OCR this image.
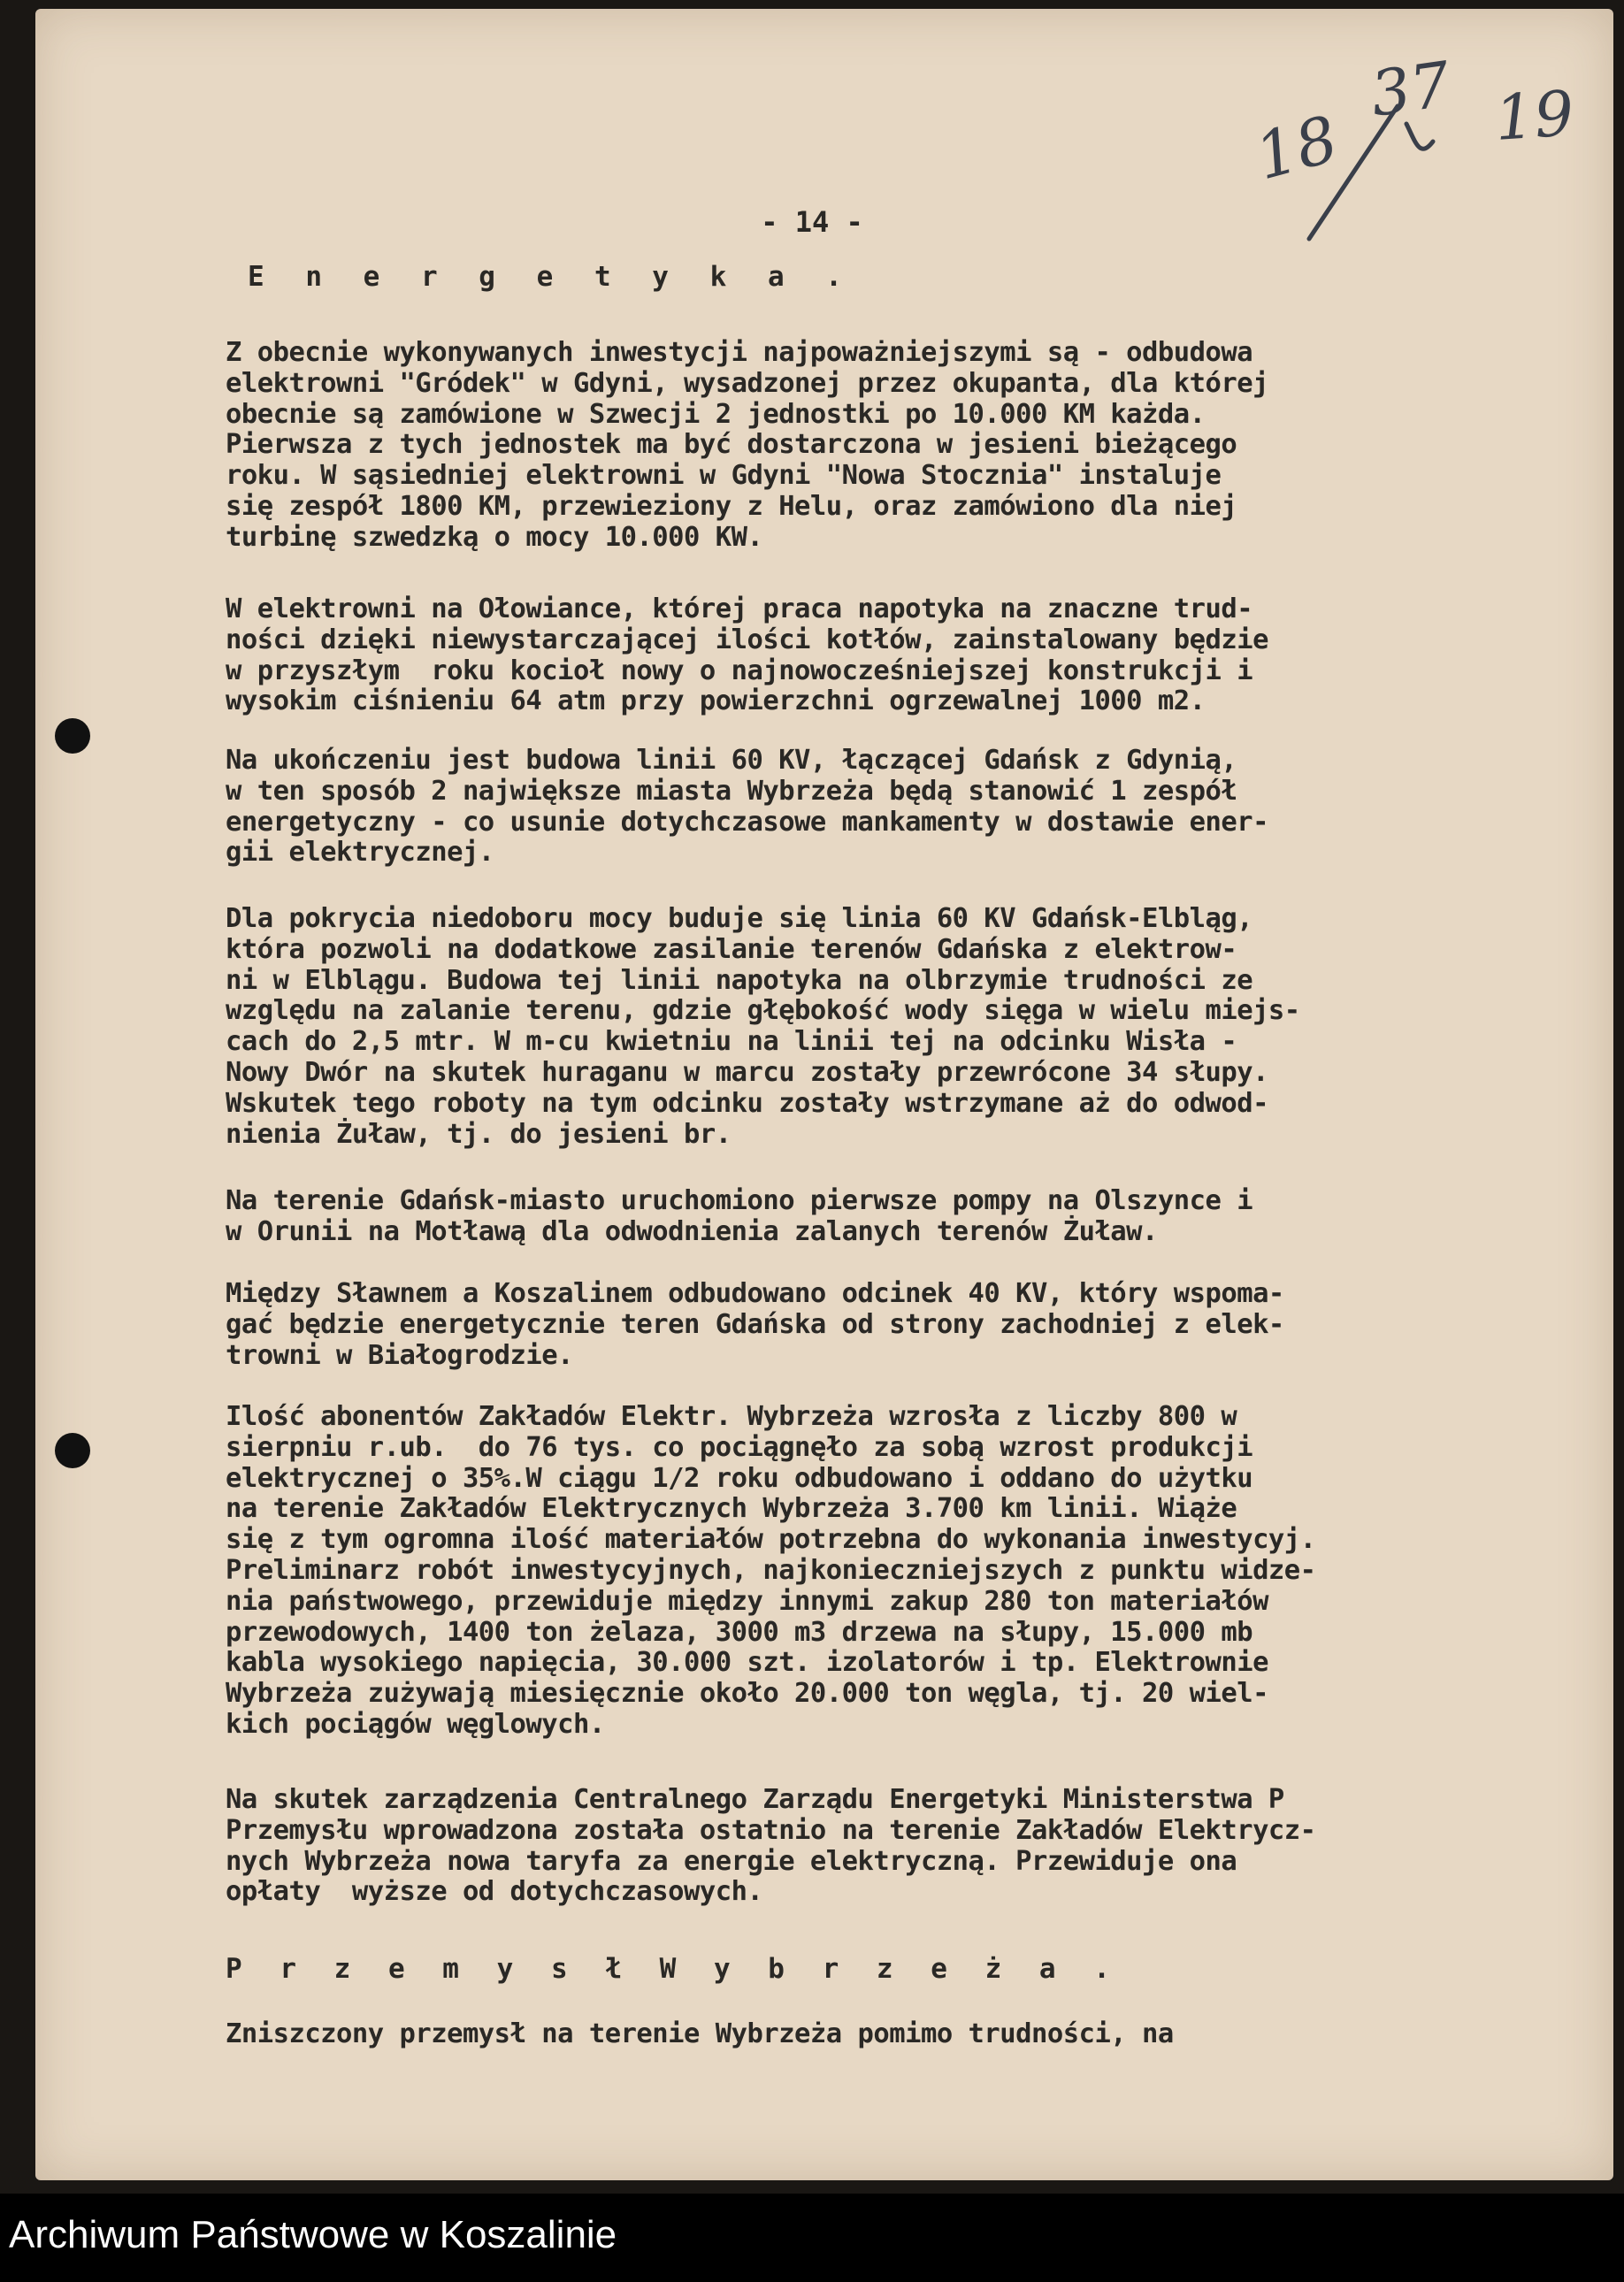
37 19
18
- 14 -
E n e r g e t y k a .
Z obecnie wykonywanych inwestycji najpoważniejszymi są - odbudowa
elektrowni "Gródek" w Gdyni, wysadzonej przez okupanta, dla której
obecnie są zamówione w Szwecji 2 jednostki po 10.000 KM każda.
Pierwsza z tych jednostek ma być dostarczona w jesieni bieżącego
roku. W sąsiedniej elektrowni w Gdyni "Nowa Stocznia" instaluje
się zespół 1800 KM, przewieziony z Helu, oraz zamówiono dla niej
turbinę szwedzką o mocy 10.000 KW.
W elektrowni na Ołowiance, której praca napotyka na znaczne trud-
ności dzięki niewystarczającej ilości kotłów, zainstalowany będzie
w przyszłym  roku kocioł nowy o najnowocześniejszej konstrukcji i
wysokim ciśnieniu 64 atm przy powierzchni ogrzewalnej 1000 m2.
Na ukończeniu jest budowa linii 60 KV, łączącej Gdańsk z Gdynią,
w ten sposób 2 największe miasta Wybrzeża będą stanowić 1 zespół
energetyczny - co usunie dotychczasowe mankamenty w dostawie ener-
gii elektrycznej.
Dla pokrycia niedoboru mocy buduje się linia 60 KV Gdańsk-Elbląg,
która pozwoli na dodatkowe zasilanie terenów Gdańska z elektrow-
ni w Elblągu. Budowa tej linii napotyka na olbrzymie trudności ze
względu na zalanie terenu, gdzie głębokość wody sięga w wielu miejs-
cach do 2,5 mtr. W m-cu kwietniu na linii tej na odcinku Wisła -
Nowy Dwór na skutek huraganu w marcu zostały przewrócone 34 słupy.
Wskutek tego roboty na tym odcinku zostały wstrzymane aż do odwod-
nienia Żuław, tj. do jesieni br.
Na terenie Gdańsk-miasto uruchomiono pierwsze pompy na Olszynce i
w Orunii na Motławą dla odwodnienia zalanych terenów Żuław.
Między Sławnem a Koszalinem odbudowano odcinek 40 KV, który wspoma-
gać będzie energetycznie teren Gdańska od strony zachodniej z elek-
trowni w Białogrodzie.
Ilość abonentów Zakładów Elektr. Wybrzeża wzrosła z liczby 800 w
sierpniu r.ub.  do 76 tys. co pociągnęło za sobą wzrost produkcji
elektrycznej o 35%.W ciągu 1/2 roku odbudowano i oddano do użytku
na terenie Zakładów Elektrycznych Wybrzeża 3.700 km linii. Wiąże
się z tym ogromna ilość materiałów potrzebna do wykonania inwestycyj.
Preliminarz robót inwestycyjnych, najkonieczniejszych z punktu widze-
nia państwowego, przewiduje między innymi zakup 280 ton materiałów
przewodowych, 1400 ton żelaza, 3000 m3 drzewa na słupy, 15.000 mb
kabla wysokiego napięcia, 30.000 szt. izolatorów i tp. Elektrownie
Wybrzeża zużywają miesięcznie około 20.000 ton węgla, tj. 20 wiel-
kich pociągów węglowych.
Na skutek zarządzenia Centralnego Zarządu Energetyki Ministerstwa P
Przemysłu wprowadzona została ostatnio na terenie Zakładów Elektrycz-
nych Wybrzeża nowa taryfa za energie elektryczną. Przewiduje ona
opłaty  wyższe od dotychczasowych.
P r z e m y s ł W y b r z e ż a .
Zniszczony przemysł na terenie Wybrzeża pomimo trudności, na
Archiwum Państwowe w Koszalinie
